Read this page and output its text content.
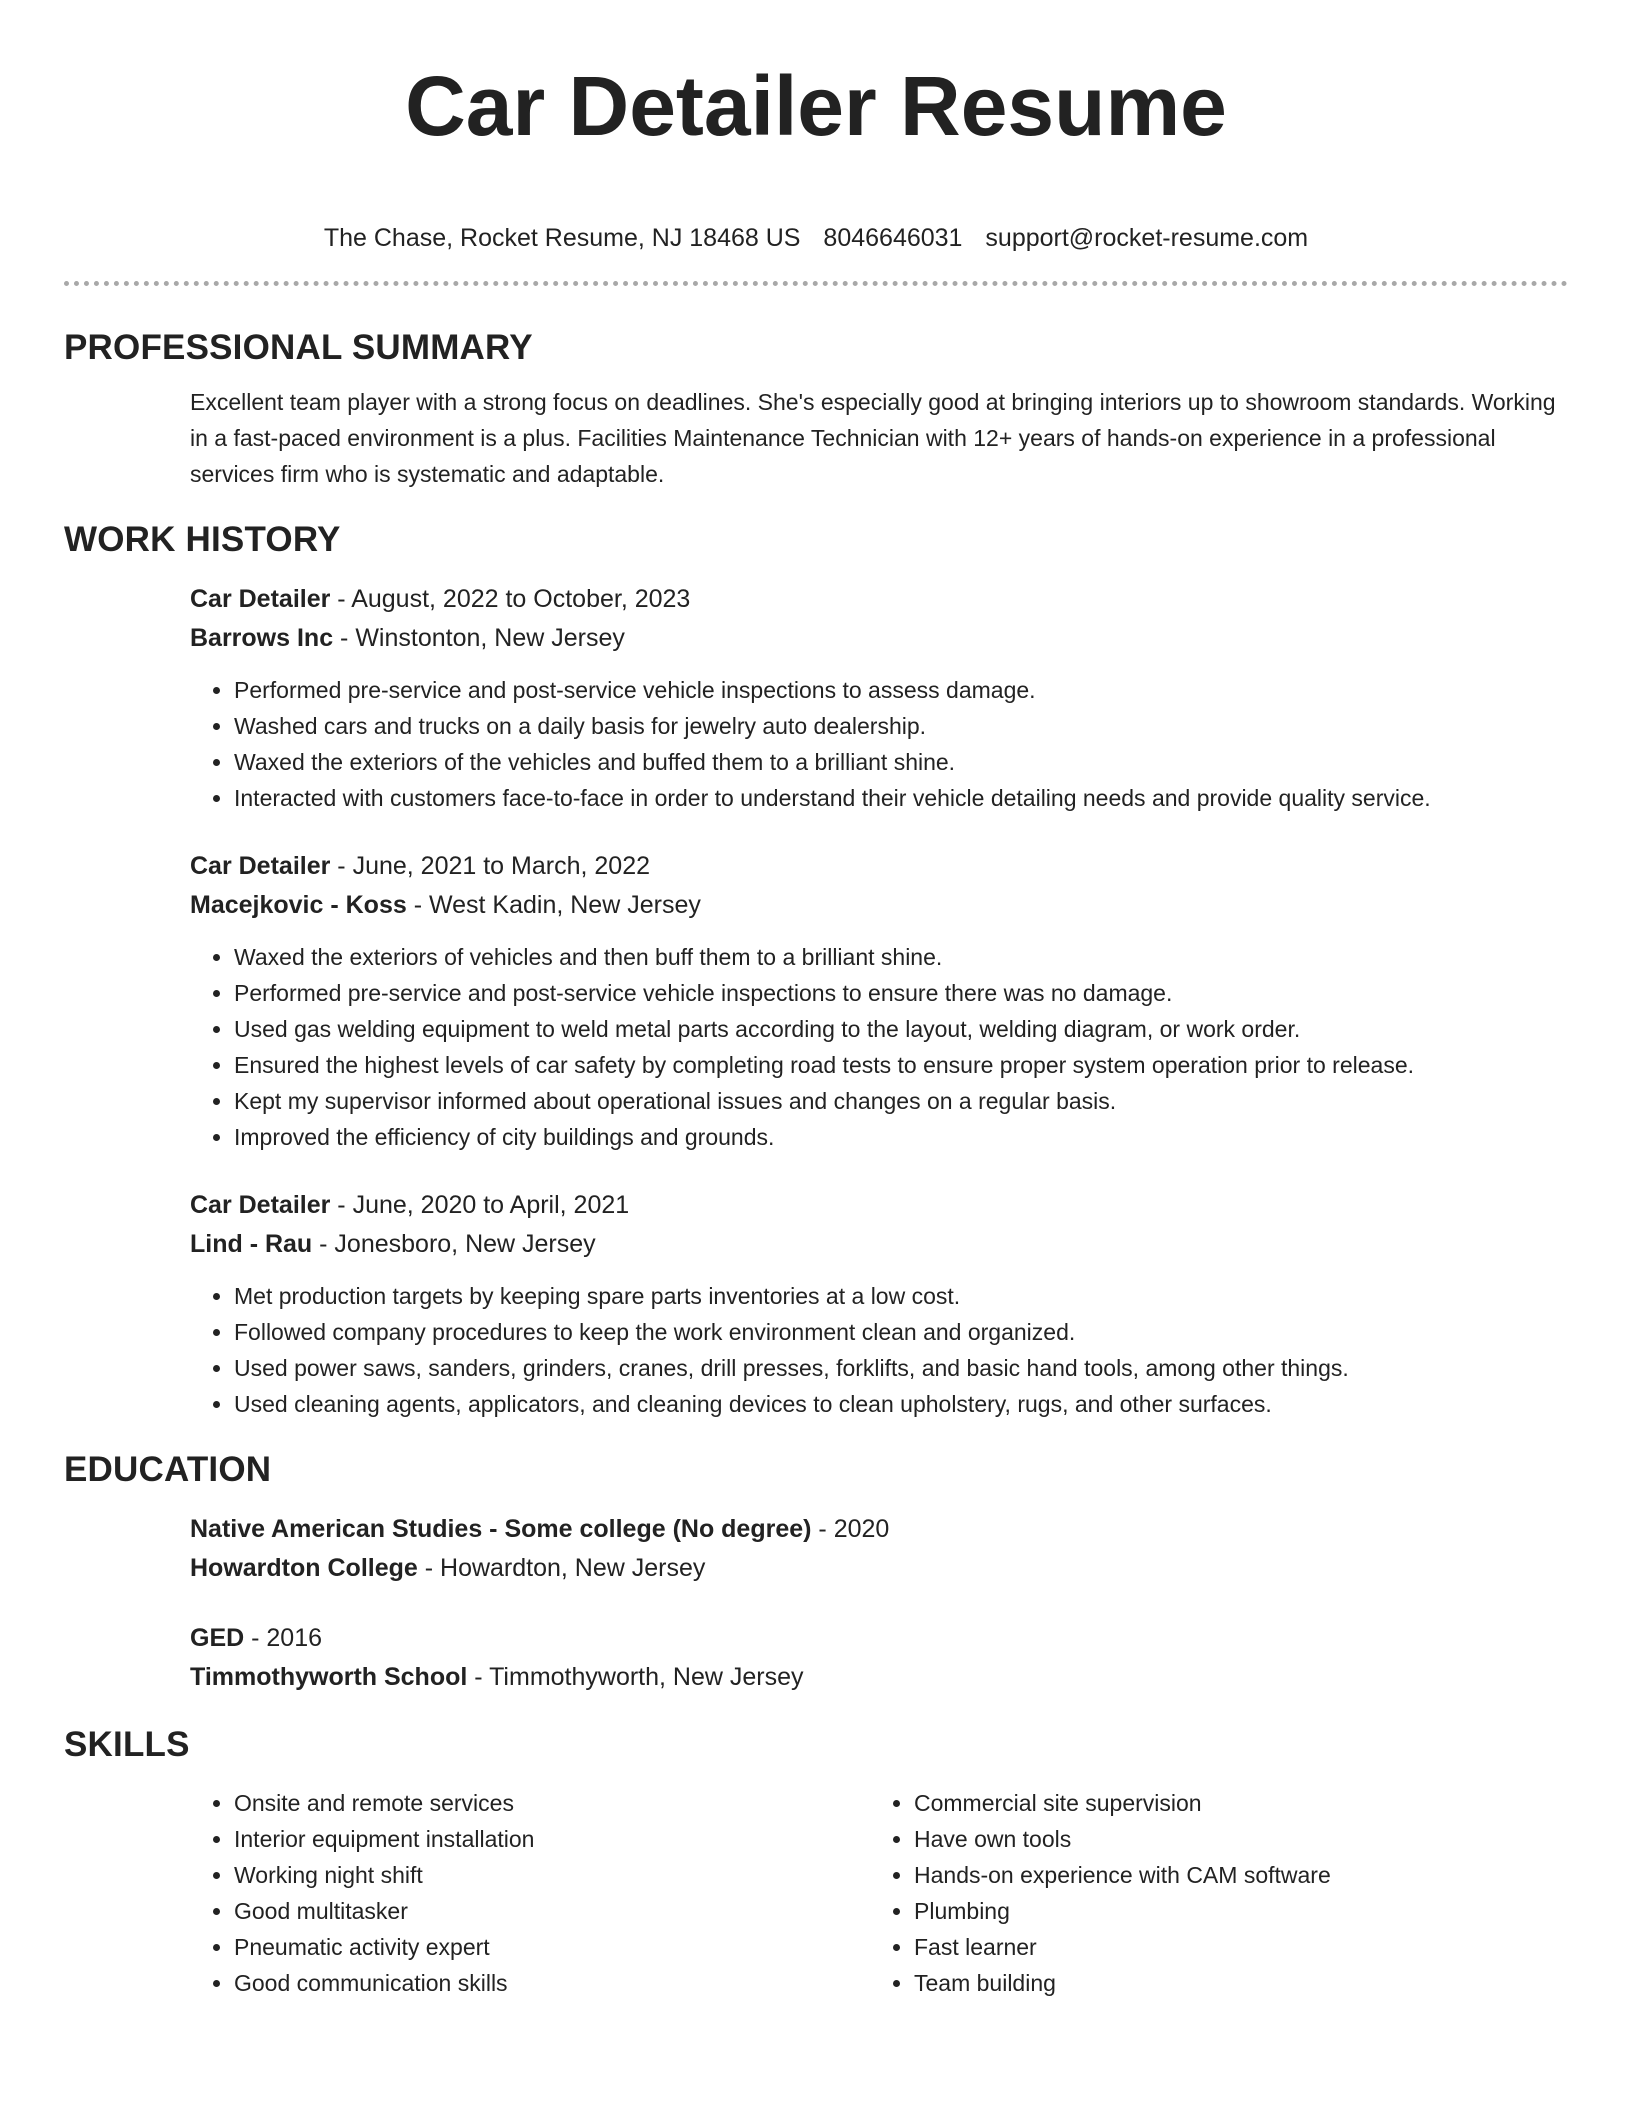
Car Detailer Resume
The Chase, Rocket Resume, NJ 18468 US 8046646031 support@rocket-resume.com
PROFESSIONAL SUMMARY

Excellent team player with a strong focus on deadlines. She's especially good at bringing interiors up to showroom standards. Working in a fast-paced environment is a plus. Facilities Maintenance Technician with 12+ years of hands-on experience in a professional services firm who is systematic and adaptable.

WORK HISTORY
Car Detailer - August, 2022 to October, 2023
Barrows Inc - Winstonton, New Jersey
• Performed pre-service and post-service vehicle inspections to assess damage.
• Washed cars and trucks on a daily basis for jewelry auto dealership.
• Waxed the exteriors of the vehicles and buffed them to a brilliant shine.
• Interacted with customers face-to-face in order to understand their vehicle detailing needs and provide quality service.
Car Detailer - June, 2021 to March, 2022
Macejkovic - Koss - West Kadin, New Jersey
• Waxed the exteriors of vehicles and then buff them to a brilliant shine.
• Performed pre-service and post-service vehicle inspections to ensure there was no damage.
• Used gas welding equipment to weld metal parts according to the layout, welding diagram, or work order.
• Ensured the highest levels of car safety by completing road tests to ensure proper system operation prior to release.
• Kept my supervisor informed about operational issues and changes on a regular basis.
• Improved the efficiency of city buildings and grounds.
Car Detailer - June, 2020 to April, 2021
Lind - Rau - Jonesboro, New Jersey
• Met production targets by keeping spare parts inventories at a low cost.
• Followed company procedures to keep the work environment clean and organized.
• Used power saws, sanders, grinders, cranes, drill presses, forklifts, and basic hand tools, among other things.
• Used cleaning agents, applicators, and cleaning devices to clean upholstery, rugs, and other surfaces.
EDUCATION
Native American Studies - Some college (No degree) - 2020
Howardton College - Howardton, New Jersey
GED - 2016
Timmothyworth School - Timmothyworth, New Jersey
SKILLS
• Onsite and remote services
• Interior equipment installation
• Working night shift
• Good multitasker
• Pneumatic activity expert
• Good communication skills
• Commercial site supervision
• Have own tools
• Hands-on experience with CAM software
• Plumbing
• Fast learner
• Team building
